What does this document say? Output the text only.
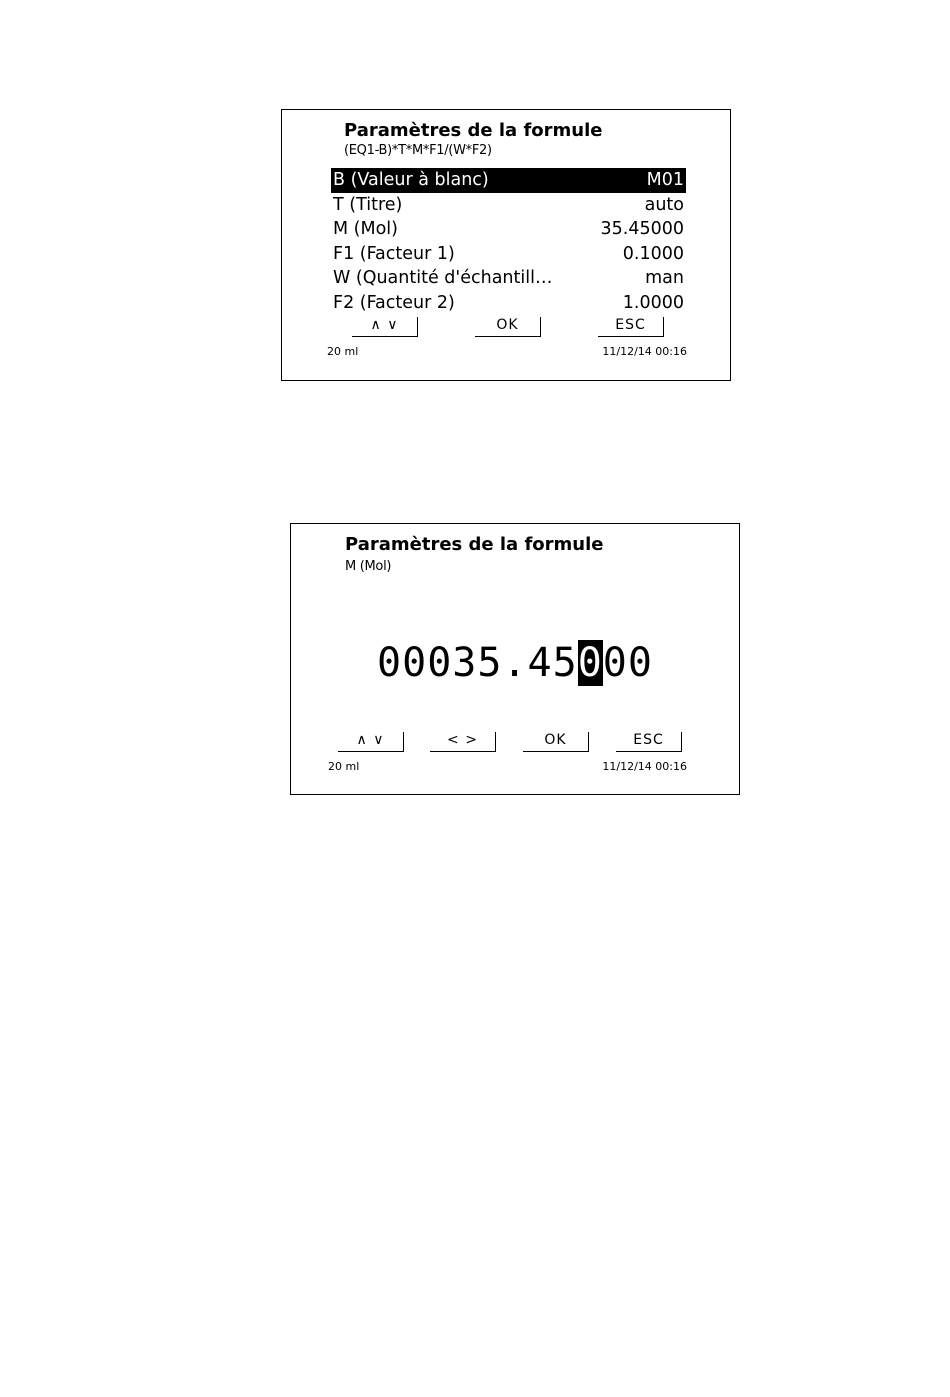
Paramètres de la formule
(EQ1-B)*T*M*F1/(W*F2)
B (Valeur à blanc)	M01
T (Titre)	auto
M (Mol)	35.45000
F1 (Facteur 1)	0.1000
W (Quantité d'échantill…	man
F2 (Facteur 2)	1.0000
∧ ∨	OK	ESC
20 ml	11/12/14 00:16
Paramètres de la formule
M (Mol)
00035.45000
∧ ∨	< >	OK	ESC
20 ml	11/12/14 00:16
